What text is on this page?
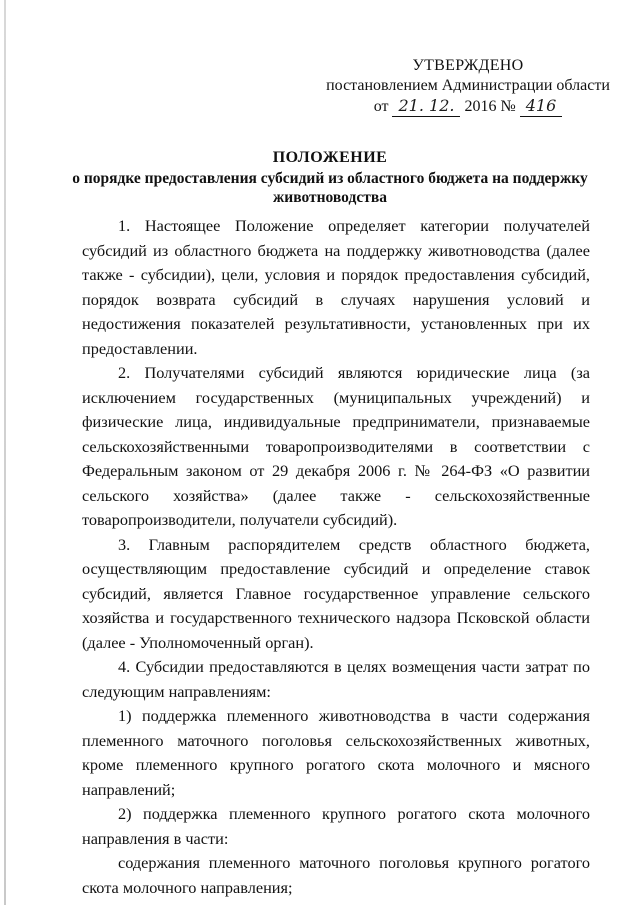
УТВЕРЖДЕНО
постановлением Администрации области
от 21. 12. 2016 № 416
ПОЛОЖЕНИЕ
о порядке предоставления субсидий из областного бюджета на поддержку животноводства

1. Настоящее Положение определяет категории получателей субсидий из областного бюджета на поддержку животноводства (далее также - субсидии), цели, условия и порядок предоставления субсидий, порядок возврата субсидий в случаях нарушения условий и недостижения показателей результативности, установленных при их предоставлении.

2. Получателями субсидий являются юридические лица (за исключением государственных (муниципальных учреждений) и физические лица, индивидуальные предприниматели, признаваемые сельскохозяйственными товаропроизводителями в соответствии с Федеральным законом от 29 декабря 2006 г. № 264-ФЗ «О развитии сельского хозяйства» (далее также - сельскохозяйственные товаропроизводители, получатели субсидий).

3. Главным распорядителем средств областного бюджета, осуществляющим предоставление субсидий и определение ставок субсидий, является Главное государственное управление сельского хозяйства и государственного технического надзора Псковской области (далее - Уполномоченный орган).

4. Субсидии предоставляются в целях возмещения части затрат по следующим направлениям:

1) поддержка племенного животноводства в части содержания племенного маточного поголовья сельскохозяйственных животных, кроме племенного крупного рогатого скота молочного и мясного направлений;

2) поддержка племенного крупного рогатого скота молочного направления в части:

содержания племенного маточного поголовья крупного рогатого скота молочного направления;
